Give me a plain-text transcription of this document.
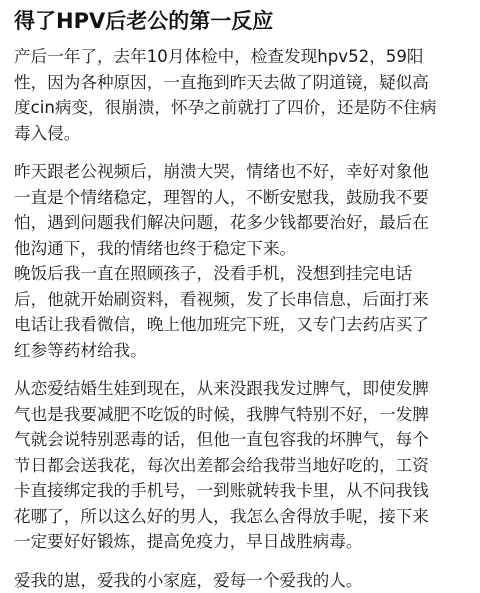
得了HPV后老公的第一反应
产后一年了，去年10月体检中，检查发现hpv52，59阳
性，因为各种原因，一直拖到昨天去做了阴道镜，疑似高
度cin病变，很崩溃，怀孕之前就打了四价，还是防不住病
毒入侵。
昨天跟老公视频后，崩溃大哭，情绪也不好，幸好对象他
一直是个情绪稳定，理智的人，不断安慰我，鼓励我不要
怕，遇到问题我们解决问题，花多少钱都要治好，最后在
他沟通下，我的情绪也终于稳定下来。
晚饭后我一直在照顾孩子，没看手机，没想到挂完电话
后，他就开始刷资料，看视频，发了长串信息，后面打来
电话让我看微信，晚上他加班完下班，又专门去药店买了
红参等药材给我。
从恋爱结婚生娃到现在，从来没跟我发过脾气，即使发脾
气也是我要减肥不吃饭的时候，我脾气特别不好，一发脾
气就会说特别恶毒的话，但他一直包容我的坏脾气，每个
节日都会送我花，每次出差都会给我带当地好吃的，工资
卡直接绑定我的手机号，一到账就转我卡里，从不问我钱
花哪了，所以这么好的男人，我怎么舍得放手呢，接下来
一定要好好锻炼，提高免疫力，早日战胜病毒。
爱我的崽，爱我的小家庭，爱每一个爱我的人。
